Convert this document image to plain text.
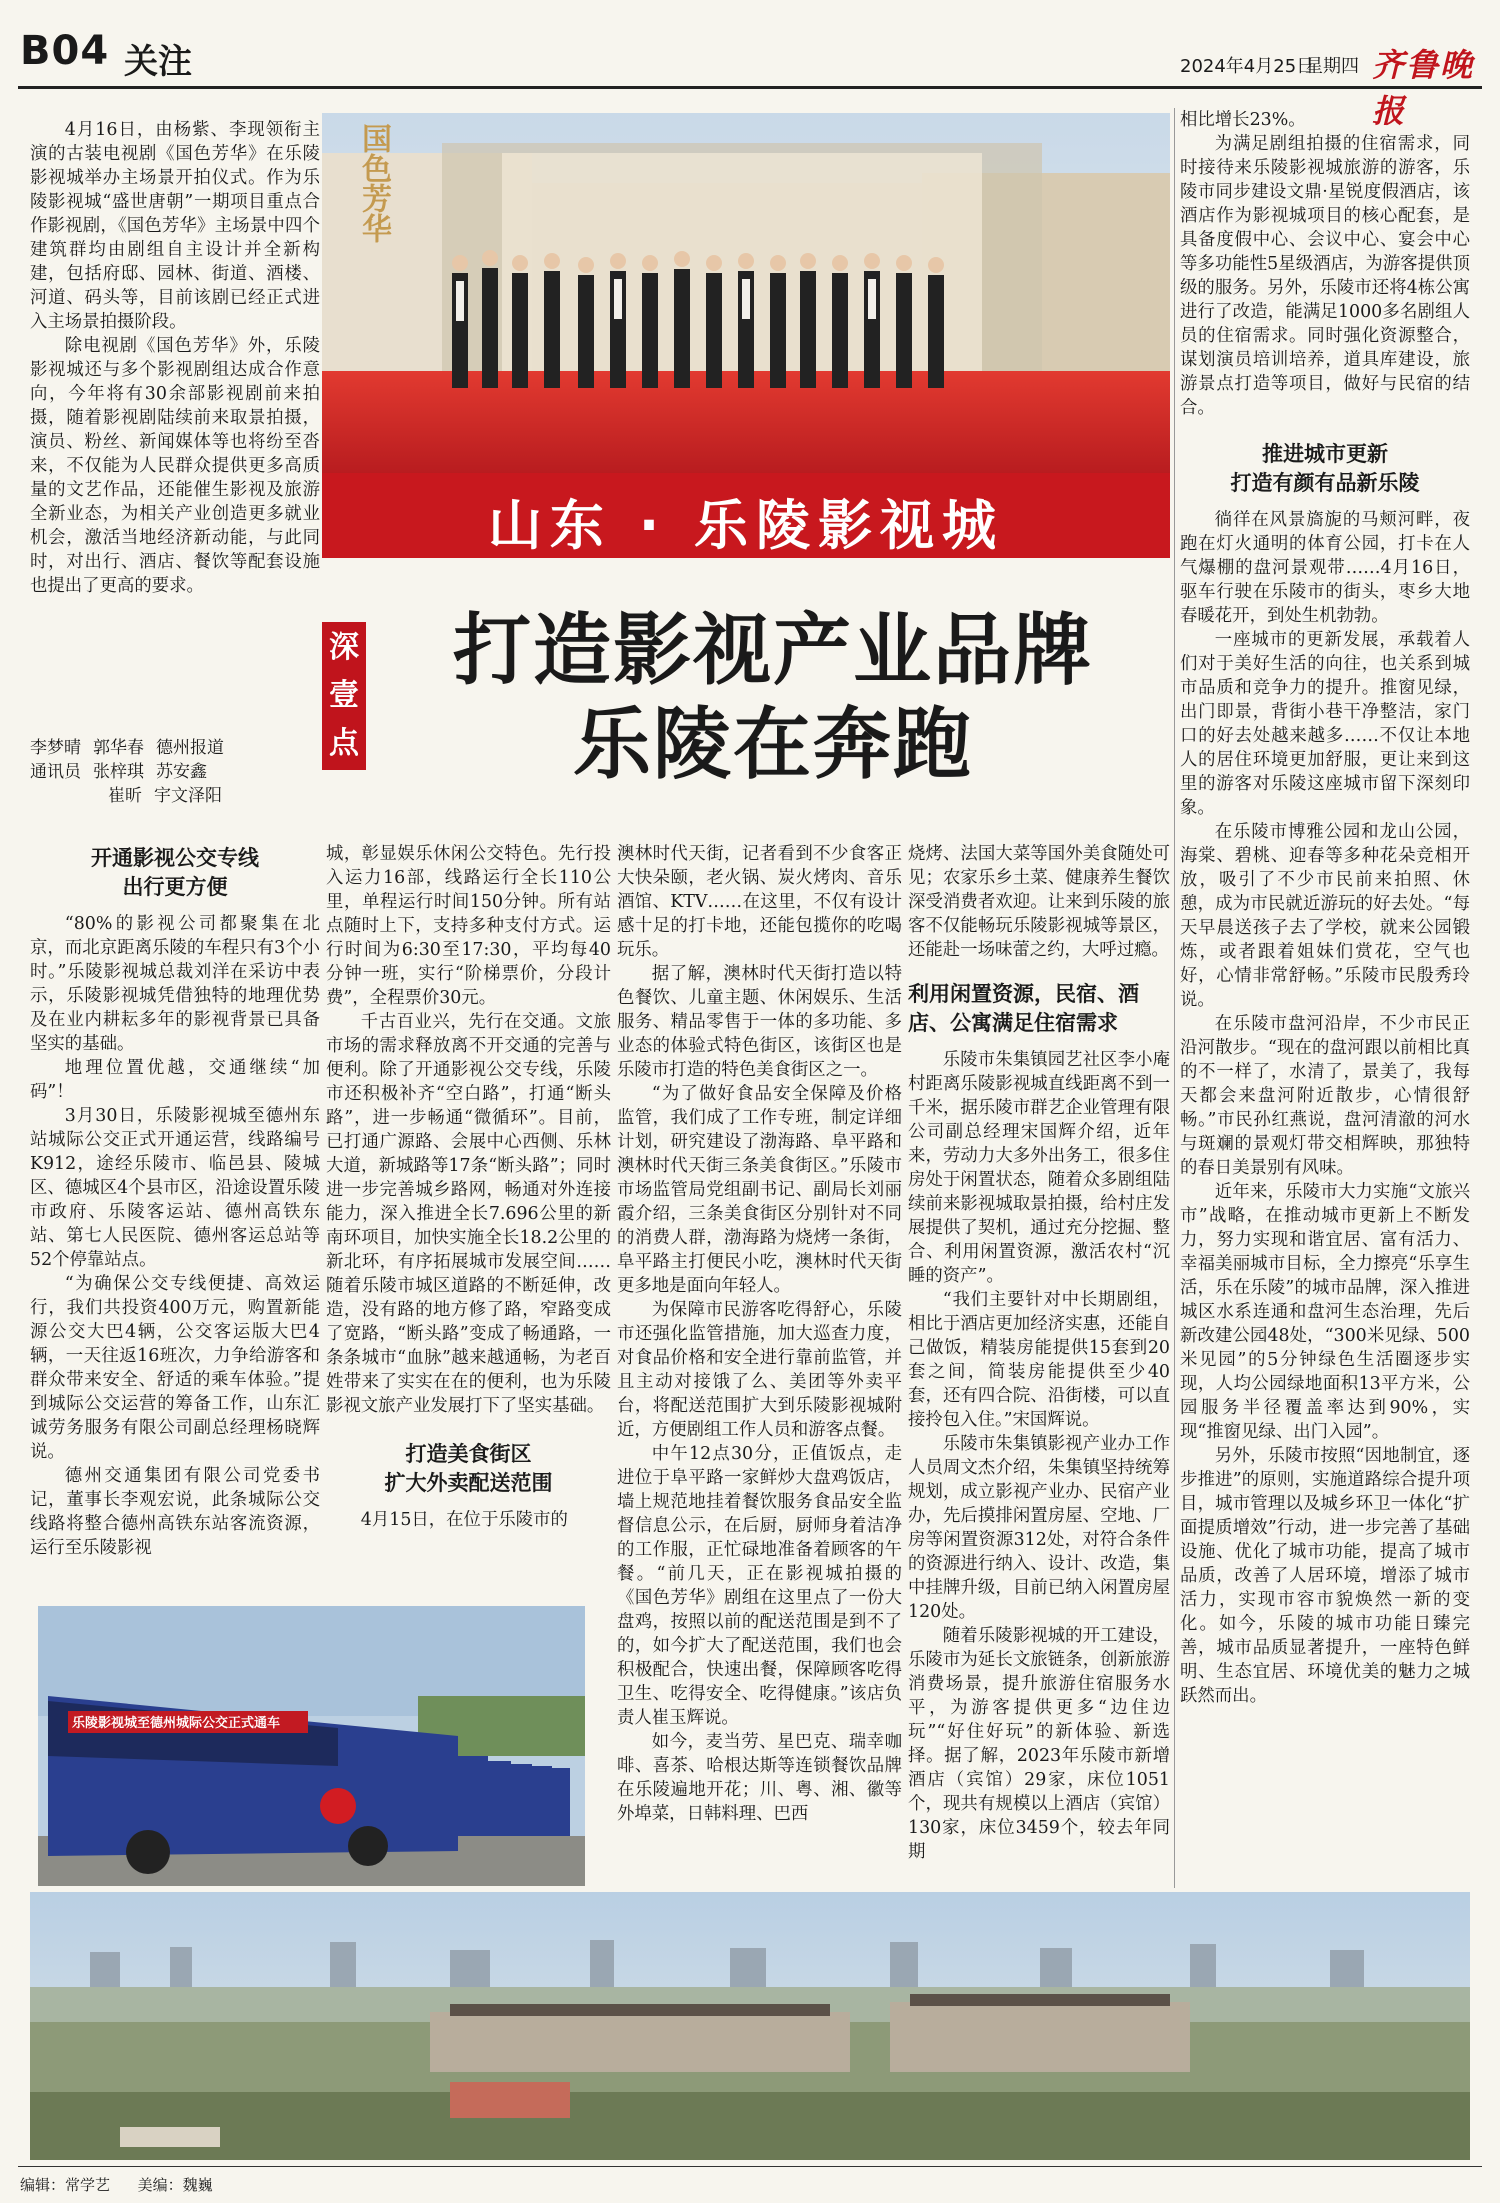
B04 关注	2024年4月25日
星期四 齐鲁晚报

4月16日，由杨紫、李现领衔主演的古装电视剧《国色芳华》在乐陵影视城举办主场景开拍仪式。作为乐陵影视城“盛世唐朝”一期项目重点合作影视剧，《国色芳华》主场景中四个建筑群均由剧组自主设计并全新构建，包括府邸、园林、街道、酒楼、河道、码头等，目前该剧已经正式进入主场景拍摄阶段。

除电视剧《国色芳华》外，乐陵影视城还与多个影视剧组达成合作意向，今年将有30余部影视剧前来拍摄，随着影视剧陆续前来取景拍摄，演员、粉丝、新闻媒体等也将纷至沓来，不仅能为人民群众提供更多高质量的文艺作品，还能催生影视及旅游全新业态，为相关产业创造更多就业机会，激活当地经济新动能，与此同时，对出行、酒店、餐饮等配套设施也提出了更高的要求。

李梦晴 郭华春 德州报道
通讯员 张梓琪 苏安鑫
崔昕 宇文泽阳
国色芳华
山东 · 乐陵影视城
深
壹
点
打造影视产业品牌
乐陵在奔跑
开通影视公交专线
出行更方便

“80%的影视公司都聚集在北京，而北京距离乐陵的车程只有3个小时。”乐陵影视城总裁刘洋在采访中表示，乐陵影视城凭借独特的地理优势及在业内耕耘多年的影视背景已具备坚实的基础。

地理位置优越，交通继续“加码”！

3月30日，乐陵影视城至德州东站城际公交正式开通运营，线路编号K912，途经乐陵市、临邑县、陵城区、德城区4个县市区，沿途设置乐陵市政府、乐陵客运站、德州高铁东站、第七人民医院、德州客运总站等52个停靠站点。

“为确保公交专线便捷、高效运行，我们共投资400万元，购置新能源公交大巴4辆，公交客运版大巴4辆，一天往返16班次，力争给游客和群众带来安全、舒适的乘车体验。”提到城际公交运营的筹备工作，山东汇诚劳务服务有限公司副总经理杨晓辉说。

德州交通集团有限公司党委书记，董事长李观宏说，此条城际公交线路将整合德州高铁东站客流资源，运行至乐陵影视

城，彰显娱乐休闲公交特色。先行投入运力16部，线路运行全长110公里，单程运行时间150分钟。所有站点随时上下，支持多种支付方式。运行时间为6:30至17:30，平均每40分钟一班，实行“阶梯票价，分段计费”，全程票价30元。

千古百业兴，先行在交通。文旅市场的需求释放离不开交通的完善与便利。除了开通影视公交专线，乐陵市还积极补齐“空白路”，打通“断头路”，进一步畅通“微循环”。目前，已打通广源路、会展中心西侧、乐林大道，新城路等17条“断头路”；同时进一步完善城乡路网，畅通对外连接能力，深入推进全长7.696公里的新南环项目，加快实施全长18.2公里的新北环，有序拓展城市发展空间……随着乐陵市城区道路的不断延伸，改造，没有路的地方修了路，窄路变成了宽路，“断头路”变成了畅通路，一条条城市“血脉”越来越通畅，为老百姓带来了实实在在的便利，也为乐陵影视文旅产业发展打下了坚实基础。

打造美食街区
扩大外卖配送范围

4月15日，在位于乐陵市的

澳林时代天街，记者看到不少食客正大快朵颐，老火锅、炭火烤肉、音乐酒馆、KTV……在这里，不仅有设计感十足的打卡地，还能包揽你的吃喝玩乐。

据了解，澳林时代天街打造以特色餐饮、儿童主题、休闲娱乐、生活服务、精品零售于一体的多功能、多业态的体验式特色街区，该街区也是乐陵市打造的特色美食街区之一。

“为了做好食品安全保障及价格监管，我们成了工作专班，制定详细计划，研究建设了渤海路、阜平路和澳林时代天街三条美食街区。”乐陵市市场监管局党组副书记、副局长刘丽霞介绍，三条美食街区分别针对不同的消费人群，渤海路为烧烤一条街，阜平路主打便民小吃，澳林时代天街更多地是面向年轻人。

为保障市民游客吃得舒心，乐陵市还强化监管措施，加大巡查力度，对食品价格和安全进行靠前监管，并且主动对接饿了么、美团等外卖平台，将配送范围扩大到乐陵影视城附近，方便剧组工作人员和游客点餐。

中午12点30分，正值饭点，走进位于阜平路一家鲜炒大盘鸡饭店，墙上规范地挂着餐饮服务食品安全监督信息公示，在后厨，厨师身着洁净的工作服，正忙碌地准备着顾客的午餐。“前几天，正在影视城拍摄的《国色芳华》剧组在这里点了一份大盘鸡，按照以前的配送范围是到不了的，如今扩大了配送范围，我们也会积极配合，快速出餐，保障顾客吃得卫生、吃得安全、吃得健康。”该店负责人崔玉辉说。

如今，麦当劳、星巴克、瑞幸咖啡、喜茶、哈根达斯等连锁餐饮品牌在乐陵遍地开花；川、粤、湘、徽等外埠菜，日韩料理、巴西

烧烤、法国大菜等国外美食随处可见；农家乐乡土菜、健康养生餐饮深受消费者欢迎。让来到乐陵的旅客不仅能畅玩乐陵影视城等景区，还能赴一场味蕾之约，大呼过瘾。

利用闲置资源，民宿、酒
店、公寓满足住宿需求

乐陵市朱集镇园艺社区李小庵村距离乐陵影视城直线距离不到一千米，据乐陵市群艺企业管理有限公司副总经理宋国辉介绍，近年来，劳动力大多外出务工，很多住房处于闲置状态，随着众多剧组陆续前来影视城取景拍摄，给村庄发展提供了契机，通过充分挖掘、整合、利用闲置资源，激活农村“沉睡的资产”。

“我们主要针对中长期剧组，相比于酒店更加经济实惠，还能自己做饭，精装房能提供15套到20套之间，简装房能提供至少40套，还有四合院、沿街楼，可以直接拎包入住。”宋国辉说。

乐陵市朱集镇影视产业办工作人员周文杰介绍，朱集镇坚持统筹规划，成立影视产业办、民宿产业办，先后摸排闲置房屋、空地、厂房等闲置资源312处，对符合条件的资源进行纳入、设计、改造，集中挂牌升级，目前已纳入闲置房屋120处。

随着乐陵影视城的开工建设，乐陵市为延长文旅链条，创新旅游消费场景，提升旅游住宿服务水平，为游客提供更多“边住边玩”“好住好玩”的新体验、新选择。据了解，2023年乐陵市新增酒店（宾馆）29家，床位1051个，现共有规模以上酒店（宾馆）130家，床位3459个，较去年同期

相比增长23%。

为满足剧组拍摄的住宿需求，同时接待来乐陵影视城旅游的游客，乐陵市同步建设文鼎·星锐度假酒店，该酒店作为影视城项目的核心配套，是具备度假中心、会议中心、宴会中心等多功能性5星级酒店，为游客提供顶级的服务。另外，乐陵市还将4栋公寓进行了改造，能满足1000多名剧组人员的住宿需求。同时强化资源整合，谋划演员培训培养，道具库建设，旅游景点打造等项目，做好与民宿的结合。

推进城市更新
打造有颜有品新乐陵

徜徉在风景旖旎的马颊河畔，夜跑在灯火通明的体育公园，打卡在人气爆棚的盘河景观带……4月16日，驱车行驶在乐陵市的街头，枣乡大地春暖花开，到处生机勃勃。

一座城市的更新发展，承载着人们对于美好生活的向往，也关系到城市品质和竞争力的提升。推窗见绿，出门即景，背街小巷干净整洁，家门口的好去处越来越多……不仅让本地人的居住环境更加舒服，更让来到这里的游客对乐陵这座城市留下深刻印象。

在乐陵市博雅公园和龙山公园，海棠、碧桃、迎春等多种花朵竞相开放，吸引了不少市民前来拍照、休憩，成为市民就近游玩的好去处。“每天早晨送孩子去了学校，就来公园锻炼，或者跟着姐妹们赏花，空气也好，心情非常舒畅。”乐陵市民殷秀玲说。

在乐陵市盘河沿岸，不少市民正沿河散步。“现在的盘河跟以前相比真的不一样了，水清了，景美了，我每天都会来盘河附近散步，心情很舒畅。”市民孙红燕说，盘河清澈的河水与斑斓的景观灯带交相辉映，那独特的春日美景别有风味。

近年来，乐陵市大力实施“文旅兴市”战略，在推动城市更新上不断发力，努力实现和谐宜居、富有活力、幸福美丽城市目标，全力擦亮“乐享生活，乐在乐陵”的城市品牌，深入推进城区水系连通和盘河生态治理，先后新改建公园48处，“300米见绿、500米见园”的5分钟绿色生活圈逐步实现，人均公园绿地面积13平方米，公园服务半径覆盖率达到90%，实现“推窗见绿、出门入园”。

另外，乐陵市按照“因地制宜，逐步推进”的原则，实施道路综合提升项目，城市管理以及城乡环卫一体化“扩面提质增效”行动，进一步完善了基础设施、优化了城市功能，提高了城市品质，改善了人居环境，增添了城市活力，实现市容市貌焕然一新的变化。如今，乐陵的城市功能日臻完善，城市品质显著提升，一座特色鲜明、生态宜居、环境优美的魅力之城跃然而出。

乐陵影视城至德州城际公交正式通车
编辑：常学艺 美编：魏巍
